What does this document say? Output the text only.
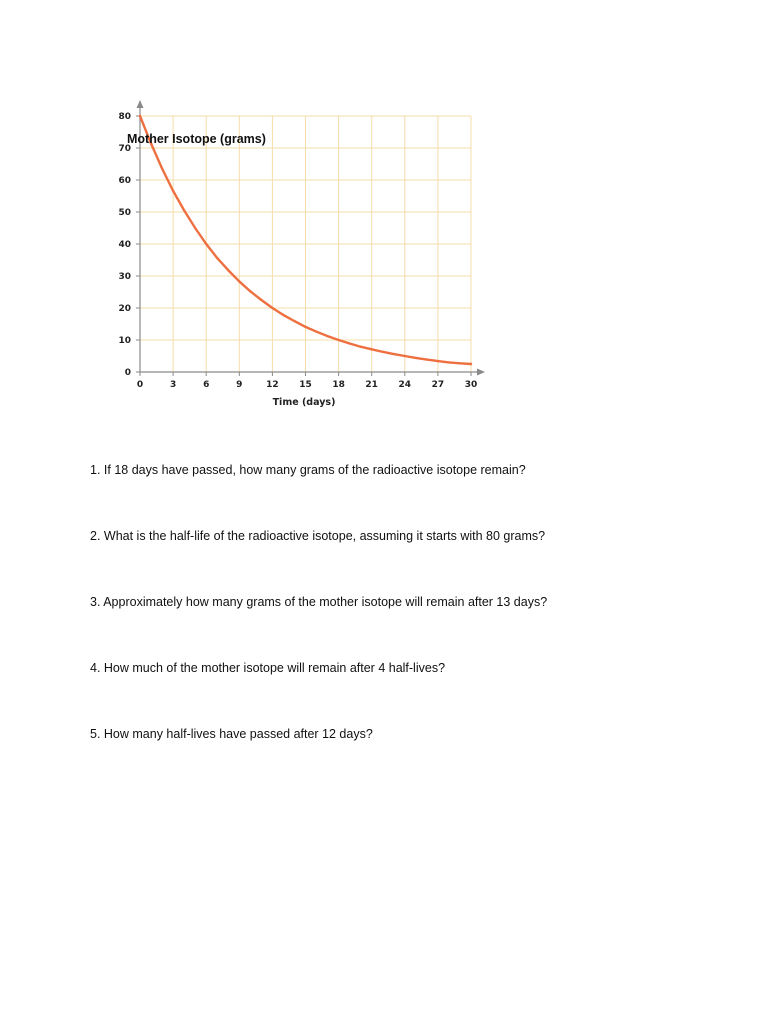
0	3	6	9	12 15 18 21 24 27 30
0
10
20
30
40
50
60
70
80
Time (days)
Mother Isotope (grams)

1. If 18 days have passed, how many grams of the radioactive isotope remain?

2. What is the half-life of the radioactive isotope, assuming it starts with 80 grams?

3. Approximately how many grams of the mother isotope will remain after 13 days?

4. How much of the mother isotope will remain after 4 half-lives?

5. How many half-lives have passed after 12 days?
